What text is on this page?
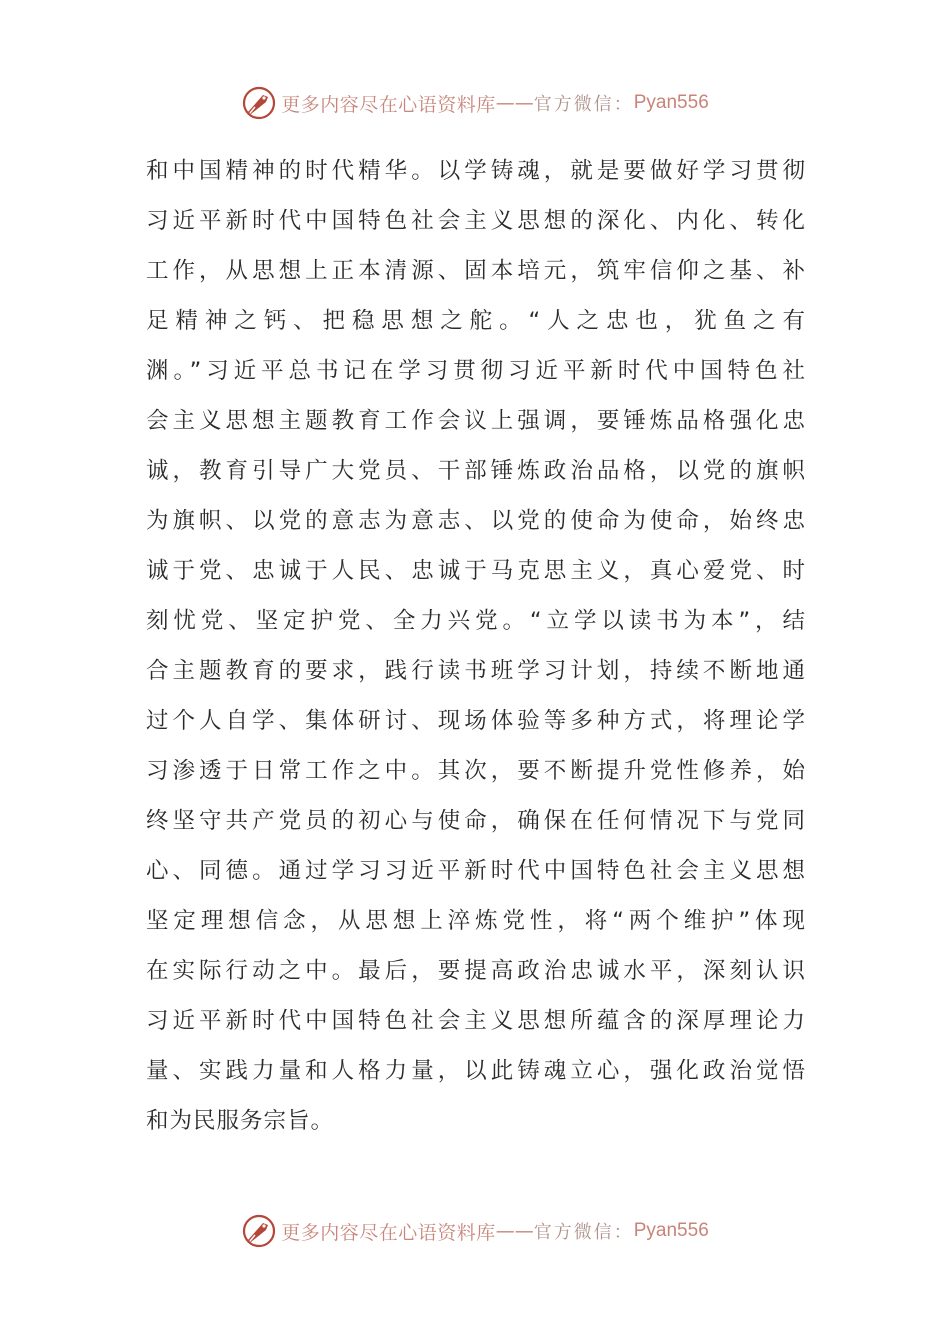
更多内容尽在心语资料库 —— 官方微信： Pyan556
和中国精神的时代精华。以学铸魂，就是要做好学习贯彻
习近平新时代中国特色社会主义思想的深化、内化、转化
工作，从思想上正本清源、固本培元，筑牢信仰之基、补
足精神之钙、把稳思想之舵。“人之忠也，犹鱼之有
渊。”习近平总书记在学习贯彻习近平新时代中国特色社
会主义思想主题教育工作会议上强调，要锤炼品格强化忠
诚，教育引导广大党员、干部锤炼政治品格，以党的旗帜
为旗帜、以党的意志为意志、以党的使命为使命，始终忠
诚于党、忠诚于人民、忠诚于马克思主义，真心爱党、时
刻忧党、坚定护党、全力兴党。“立学以读书为本”，结
合主题教育的要求，践行读书班学习计划，持续不断地通
过个人自学、集体研讨、现场体验等多种方式，将理论学
习渗透于日常工作之中。其次，要不断提升党性修养，始
终坚守共产党员的初心与使命，确保在任何情况下与党同
心、同德。通过学习习近平新时代中国特色社会主义思想
坚定理想信念，从思想上淬炼党性，将“两个维护”体现
在实际行动之中。最后，要提高政治忠诚水平，深刻认识
习近平新时代中国特色社会主义思想所蕴含的深厚理论力
量、实践力量和人格力量，以此铸魂立心，强化政治觉悟
和为民服务宗旨。
更多内容尽在心语资料库 —— 官方微信： Pyan556
